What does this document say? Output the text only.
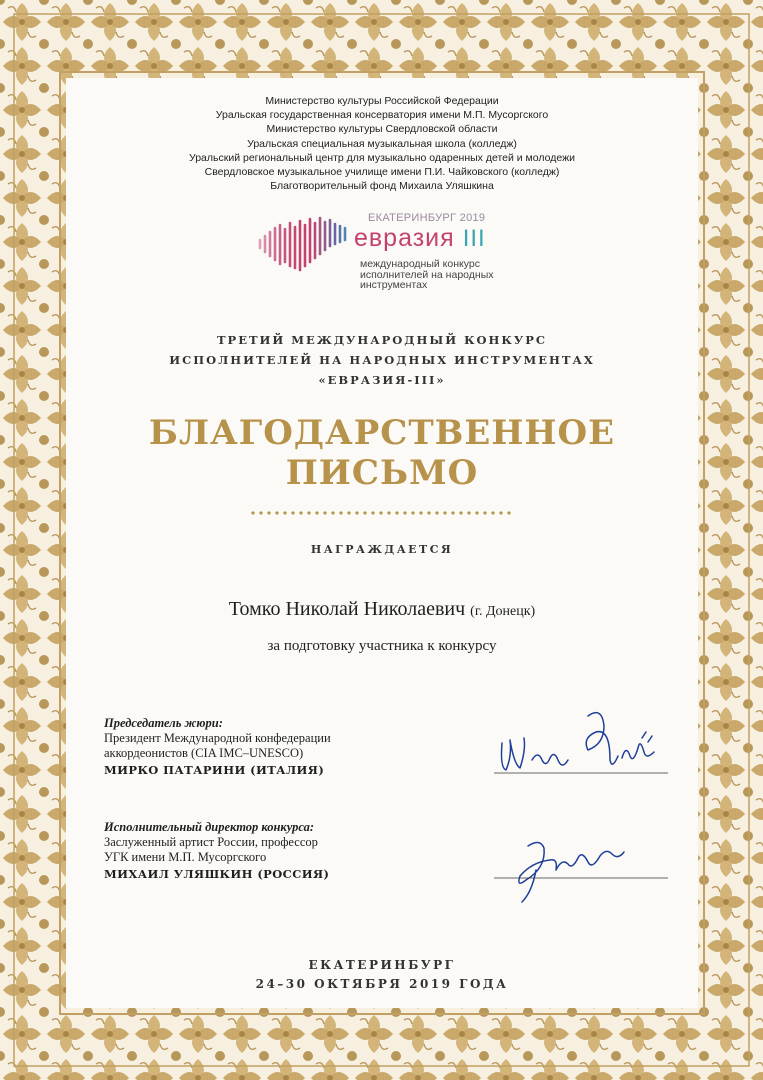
Министерство культуры Российской Федерации
Уральская государственная консерватория имени М.П. Мусоргского
Министерство культуры Свердловской области
Уральская специальная музыкальная школа (колледж)
Уральский региональный центр для музыкально одаренных детей и молодежи
Свердловское музыкальное училище имени П.И. Чайковского (колледж)
Благотворительный фонд Михаила Уляшкина
ЕКАТЕРИНБУРГ 2019
евразия III
международный конкурс
исполнителей на народных
инструментах
ТРЕТИЙ МЕЖДУНАРОДНЫЙ КОНКУРС
ИСПОЛНИТЕЛЕЙ НА НАРОДНЫХ ИНСТРУМЕНТАХ
«ЕВРАЗИЯ-III»
БЛАГОДАРСТВЕННОЕ
ПИСЬМО
НАГРАЖДАЕТСЯ
Томко Николай Николаевич (г. Донецк)
за подготовку участника к конкурсу
Председатель жюри:
Президент Международной конфедерации
аккордеонистов (CIA IMC–UNESCO)
МИРКО ПАТАРИНИ (ИТАЛИЯ)
Исполнительный директор конкурса:
Заслуженный артист России, профессор
УГК имени М.П. Мусоргского
МИХАИЛ УЛЯШКИН (РОССИЯ)
ЕКАТЕРИНБУРГ
24–30 ОКТЯБРЯ 2019 ГОДА
